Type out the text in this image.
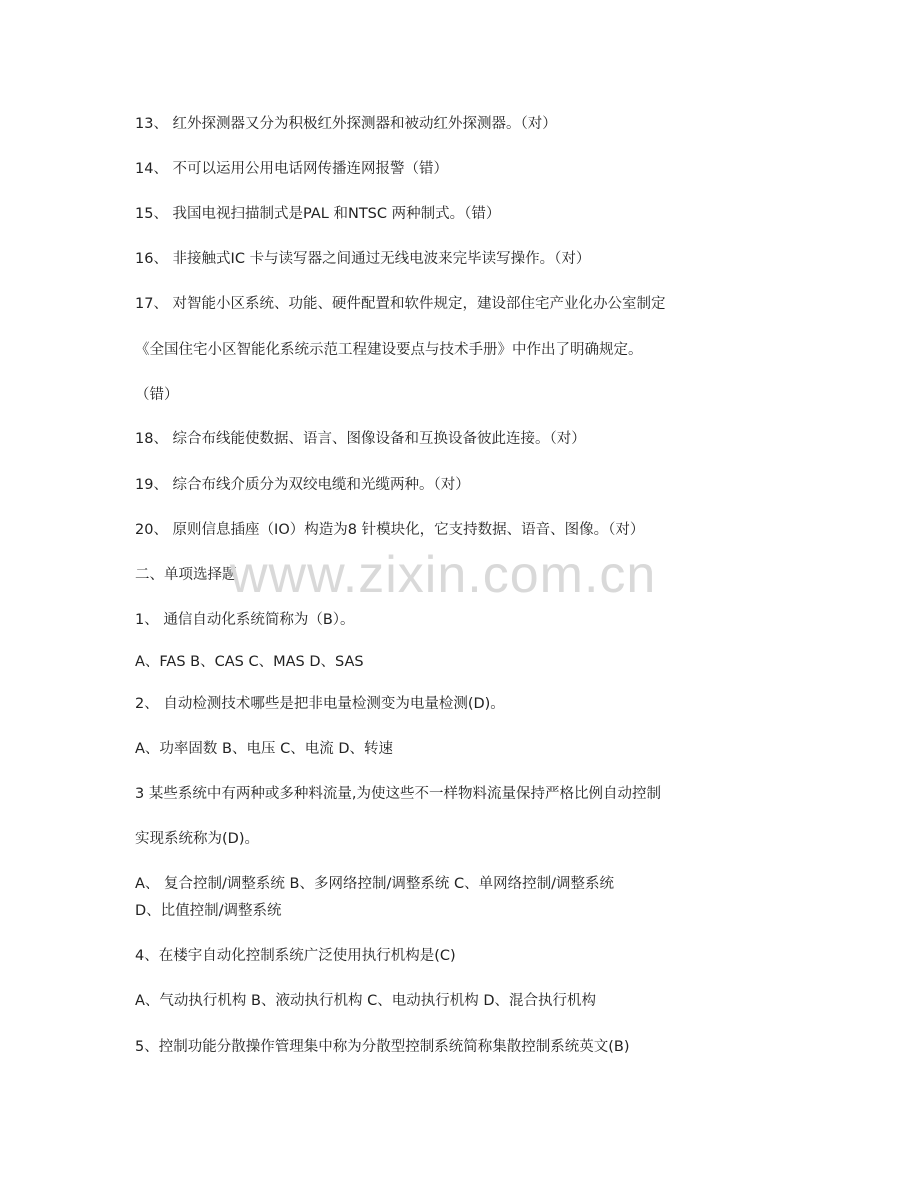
13、 红外探测器又分为积极红外探测器和被动红外探测器。（对）
14、 不可以运用公用电话网传播连网报警（错）
15、 我国电视扫描制式是PAL 和NTSC 两种制式。（错）
16、 非接触式IC 卡与读写器之间通过无线电波来完毕读写操作。（对）
17、 对智能小区系统、功能、硬件配置和软件规定，建设部住宅产业化办公室制定
《全国住宅小区智能化系统示范工程建设要点与技术手册》中作出了明确规定。
（错）
18、 综合布线能使数据、语言、图像设备和互换设备彼此连接。（对）
19、 综合布线介质分为双绞电缆和光缆两种。（对）
20、 原则信息插座（IO）构造为8 针模块化，它支持数据、语音、图像。（对）
二、单项选择题
1、 通信自动化系统简称为（B）。
A、FAS B、CAS C、MAS D、SAS
2、 自动检测技术哪些是把非电量检测变为电量检测(D)。
A、功率固数 B、电压 C、电流 D、转速
3 某些系统中有两种或多种料流量,为使这些不一样物料流量保持严格比例自动控制
实现系统称为(D)。
A、 复合控制/调整系统 B、多网络控制/调整系统 C、单网络控制/调整系统
D、比值控制/调整系统
4、在楼宇自动化控制系统广泛使用执行机构是(C)
A、气动执行机构 B、液动执行机构 C、电动执行机构 D、混合执行机构
5、控制功能分散操作管理集中称为分散型控制系统简称集散控制系统英文(B)
www.zixin.com.cn
